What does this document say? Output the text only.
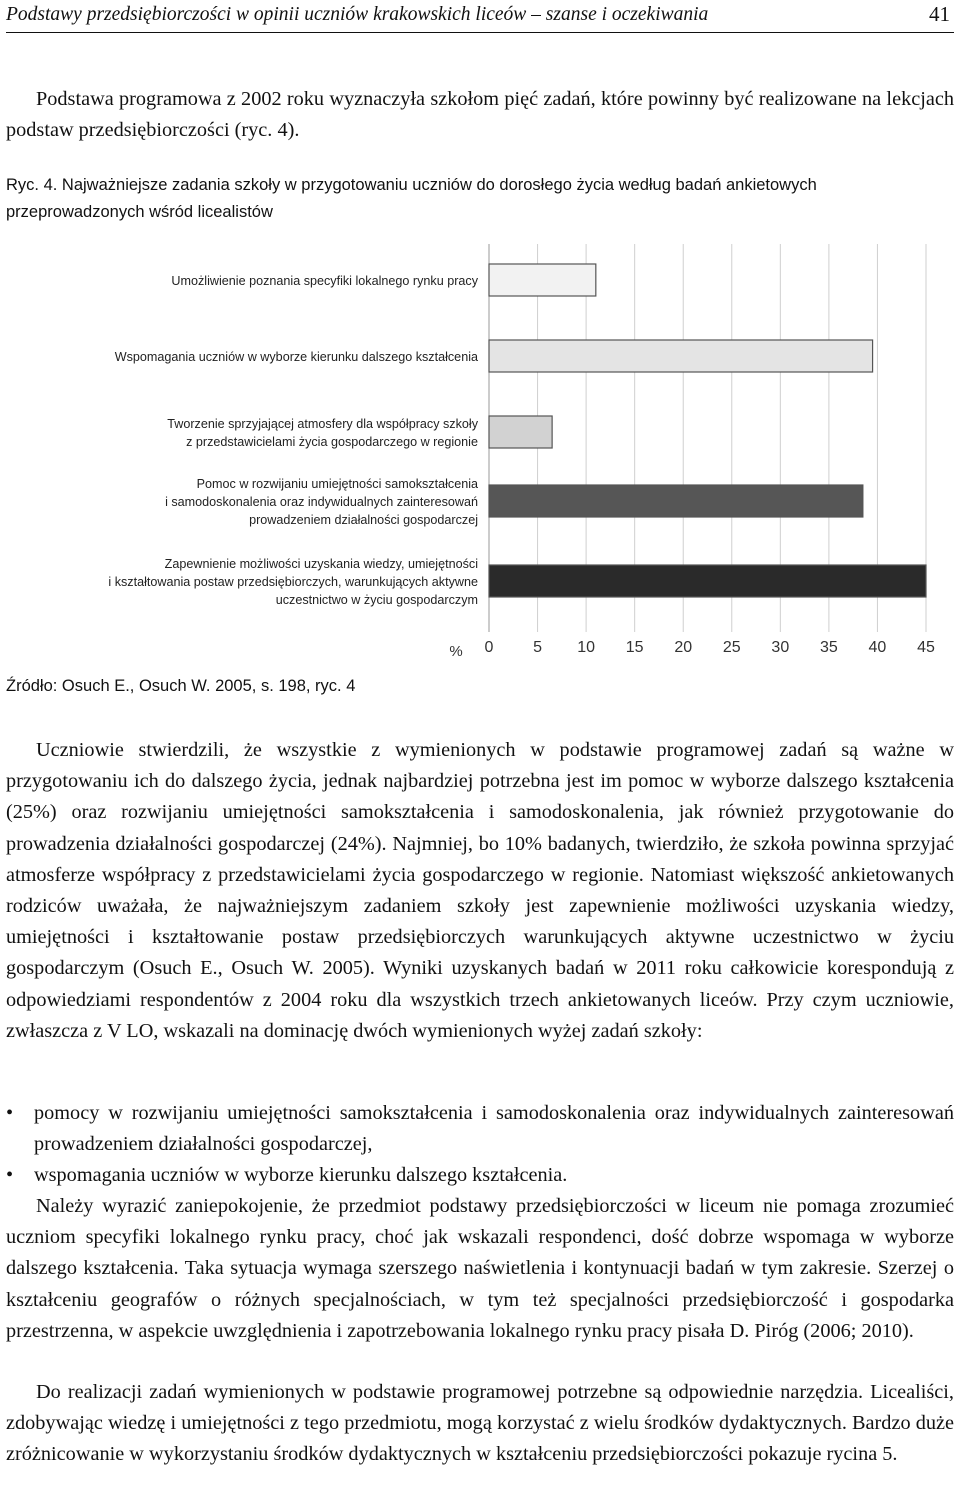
Podstawy przedsiębiorczości w opinii uczniów krakowskich liceów – szanse i oczekiwania	41

Podstawa programowa z 2002 roku wyznaczyła szkołom pięć zadań, które powinny być realizowane na lekcjach podstaw przedsiębiorczości (ryc. 4).

Ryc. 4. Najważniejsze zadania szkoły w przygotowaniu uczniów do dorosłego życia według badań ankietowych przeprowadzonych wśród licealistów
0 5 10 15 20 25 30 35 40 45
%
Umożliwienie poznania specyfiki lokalnego rynku pracy
Wspomagania uczniów w wyborze kierunku dalszego kształcenia
Tworzenie sprzyjającej atmosfery dla współpracy szkoły
z przedstawicielami życia gospodarczego w regionie
Pomoc w rozwijaniu umiejętności samokształcenia
i samodoskonalenia oraz indywidualnych zainteresowań
prowadzeniem działalności gospodarczej
Zapewnienie możliwości uzyskania wiedzy, umiejętności
i kształtowania postaw przedsiębiorczych, warunkujących aktywne
uczestnictwo w życiu gospodarczym
Źródło: Osuch E., Osuch W. 2005, s. 198, ryc. 4

Uczniowie stwierdzili, że wszystkie z wymienionych w podstawie programowej zadań są ważne w przygotowaniu ich do dalszego życia, jednak najbardziej potrzebna jest im pomoc w wyborze dalszego kształcenia (25%) oraz rozwijaniu umiejętności samokształcenia i samodoskonalenia, jak również przygotowanie do prowadzenia działalności gospodarczej (24%). Najmniej, bo 10% badanych, twierdziło, że szkoła powinna sprzyjać atmosferze współpracy z przedstawicielami życia gospodarczego w regionie. Natomiast większość ankietowanych rodziców uważała, że najważniejszym zadaniem szkoły jest zapewnienie możliwości uzyskania wiedzy, umiejętności i kształtowanie postaw przedsiębiorczych warunkujących aktywne uczestnictwo w życiu gospodarczym (Osuch E., Osuch W. 2005). Wyniki uzyskanych badań w 2011 roku całkowicie korespondują z odpowiedziami respondentów z 2004 roku dla wszystkich trzech ankietowanych liceów. Przy czym uczniowie, zwłaszcza z V LO, wskazali na dominację dwóch wymienionych wyżej zadań szkoły:

• pomocy w rozwijaniu umiejętności samokształcenia i samodoskonalenia oraz indywidualnych zainteresowań prowadzeniem działalności gospodarczej,
• wspomagania uczniów w wyborze kierunku dalszego kształcenia.

Należy wyrazić zaniepokojenie, że przedmiot podstawy przedsiębiorczości w liceum nie pomaga zrozumieć uczniom specyfiki lokalnego rynku pracy, choć jak wskazali respondenci, dość dobrze wspomaga w wyborze dalszego kształcenia. Taka sytuacja wymaga szerszego naświetlenia i kontynuacji badań w tym zakresie. Szerzej o kształceniu geografów o różnych specjalnościach, w tym też specjalności przedsiębiorczość i gospodarka przestrzenna, w aspekcie uwzględnienia i zapotrzebowania lokalnego rynku pracy pisała D. Piróg (2006; 2010).

Do realizacji zadań wymienionych w podstawie programowej potrzebne są odpowiednie narzędzia. Licealiści, zdobywając wiedzę i umiejętności z tego przedmiotu, mogą korzystać z wielu środków dydaktycznych. Bardzo duże zróżnicowanie w wykorzystaniu środków dydaktycznych w kształceniu przedsiębiorczości pokazuje rycina 5.
